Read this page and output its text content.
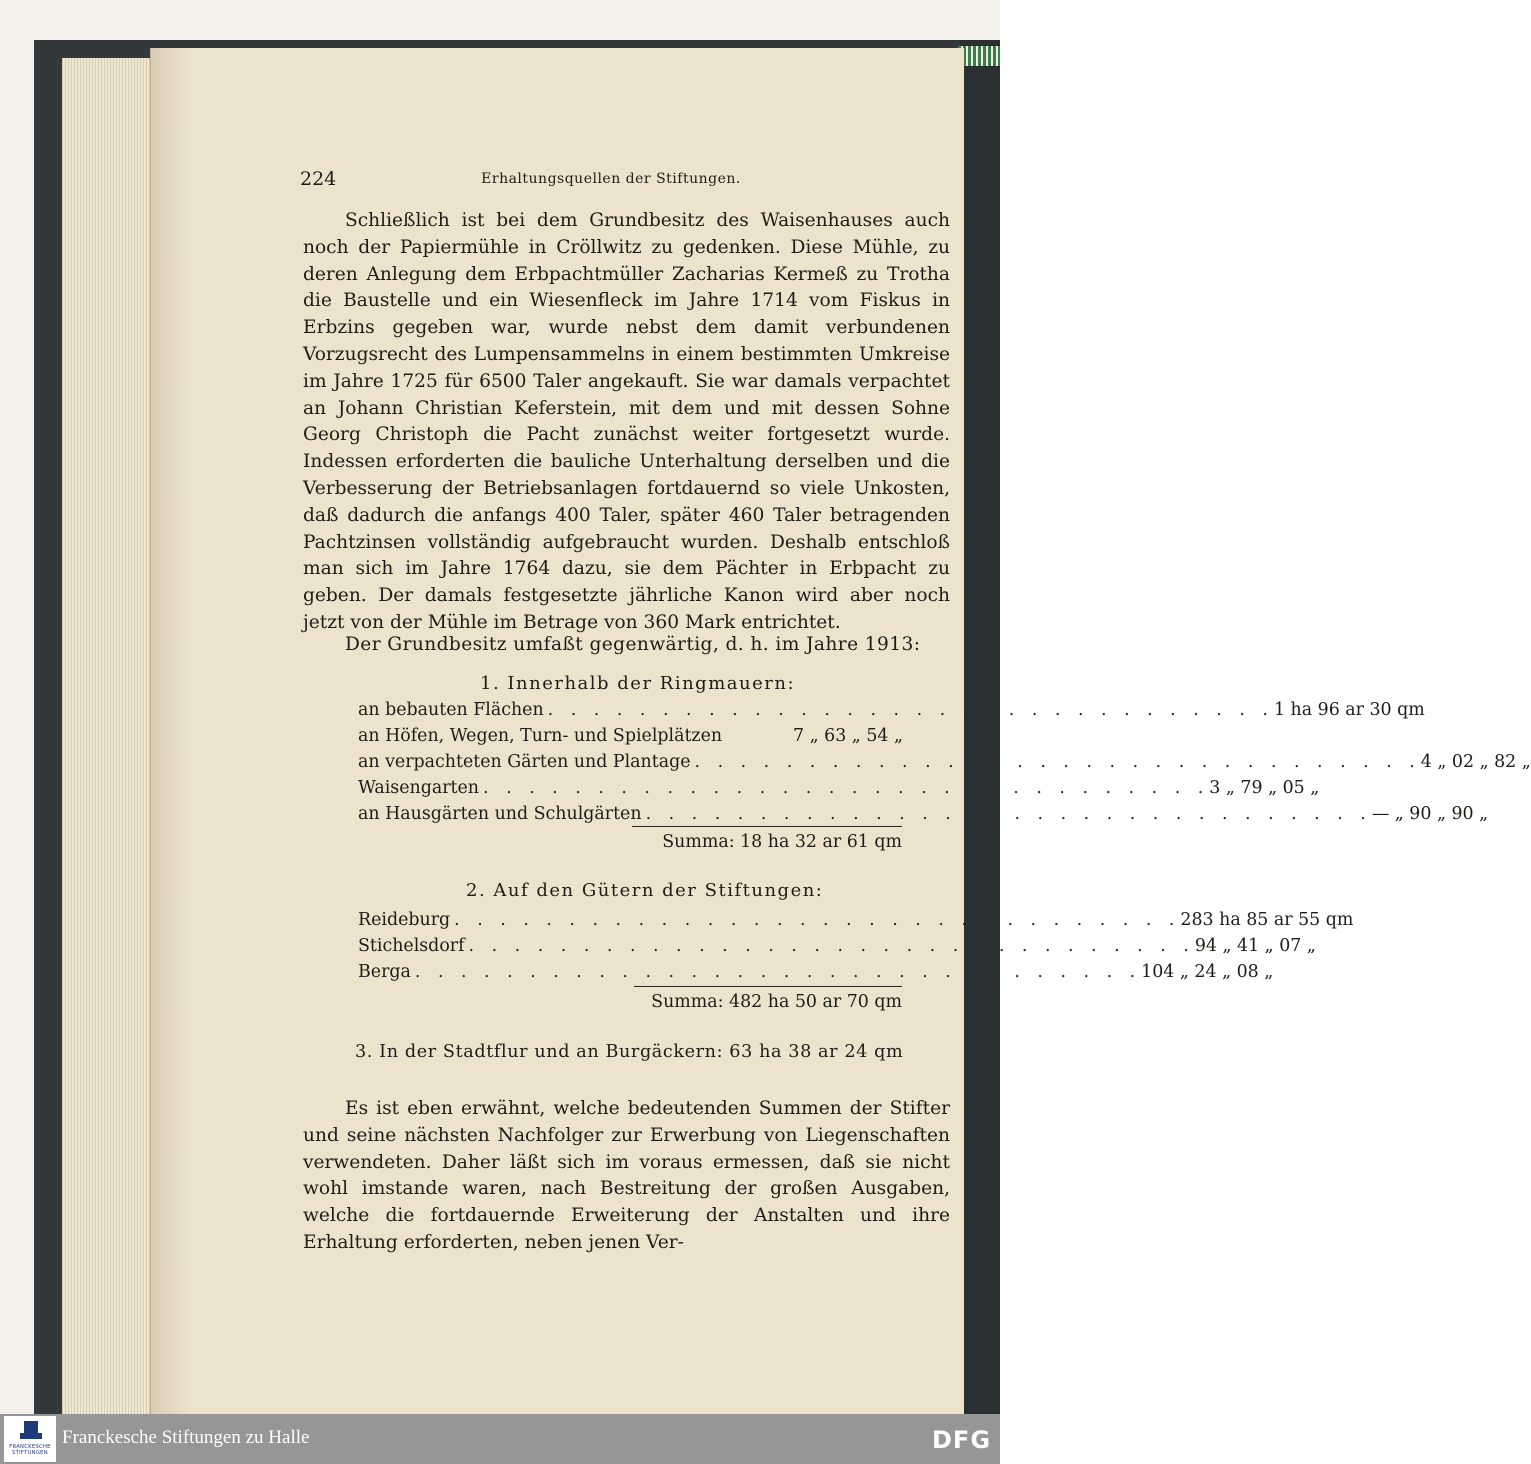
224	Erhaltungsquellen der Stiftungen.
Schließlich ist bei dem Grundbesitz des Waisenhauses auch noch der Papiermühle in Cröllwitz zu gedenken. Diese Mühle, zu deren Anlegung dem Erbpachtmüller Zacharias Kermeß zu Trotha die Baustelle und ein Wiesenfleck im Jahre 1714 vom Fiskus in Erbzins gegeben war, wurde nebst dem damit verbundenen Vorzugsrecht des Lumpensammelns in einem bestimmten Umkreise im Jahre 1725 für 6500 Taler angekauft. Sie war damals verpachtet an Johann Christian Keferstein, mit dem und mit dessen Sohne Georg Christoph die Pacht zunächst weiter fortgesetzt wurde. Indessen erforderten die bauliche Unterhaltung derselben und die Verbesserung der Betriebsanlagen fortdauernd so viele Unkosten, daß dadurch die anfangs 400 Taler, später 460 Taler betragenden Pachtzinsen vollständig aufgebraucht wurden. Deshalb entschloß man sich im Jahre 1764 dazu, sie dem Pächter in Erbpacht zu geben. Der damals festgesetzte jährliche Kanon wird aber noch jetzt von der Mühle im Betrage von 360 Mark entrichtet.
Der Grundbesitz umfaßt gegenwärtig, d. h. im Jahre 1913:
1. Innerhalb der Ringmauern:
an bebauten Flächen . . . . . . . . . . . . . . . . . . . . . . . . . . . . . . . . 1 ha 96 ar 30 qm
an Höfen, Wegen, Turn- und Spielplätzen	7 „ 63 „ 54 „
an verpachteten Gärten und Plantage . . . . . . . . . . . . . . . . . . . . . . . . . . . . . . . . 4 „ 02 „ 82 „
Waisengarten . . . . . . . . . . . . . . . . . . . . . . . . . . . . . . . . 3 „ 79 „ 05 „
an Hausgärten und Schulgärten . . . . . . . . . . . . . . . . . . . . . . . . . . . . . . . . — „ 90 „ 90 „
Summa: 18 ha 32 ar 61 qm
2. Auf den Gütern der Stiftungen:
Reideburg . . . . . . . . . . . . . . . . . . . . . . . . . . . . . . . . 283 ha 85 ar 55 qm
Stichelsdorf . . . . . . . . . . . . . . . . . . . . . . . . . . . . . . . . 94 „ 41 „ 07 „
Berga . . . . . . . . . . . . . . . . . . . . . . . . . . . . . . . . 104 „ 24 „ 08 „
Summa: 482 ha 50 ar 70 qm
3. In der Stadtflur und an Burgäckern: 63 ha 38 ar 24 qm
Es ist eben erwähnt, welche bedeutenden Summen der Stifter und seine nächsten Nachfolger zur Erwerbung von Liegenschaften verwendeten. Daher läßt sich im voraus ermessen, daß sie nicht wohl imstande waren, nach Bestreitung der großen Ausgaben, welche die fortdauernde Erweiterung der Anstalten und ihre Erhaltung erforderten, neben jenen Ver-
FRANCKESCHE STIFTUNGEN
Franckesche Stiftungen zu Halle	DFG
